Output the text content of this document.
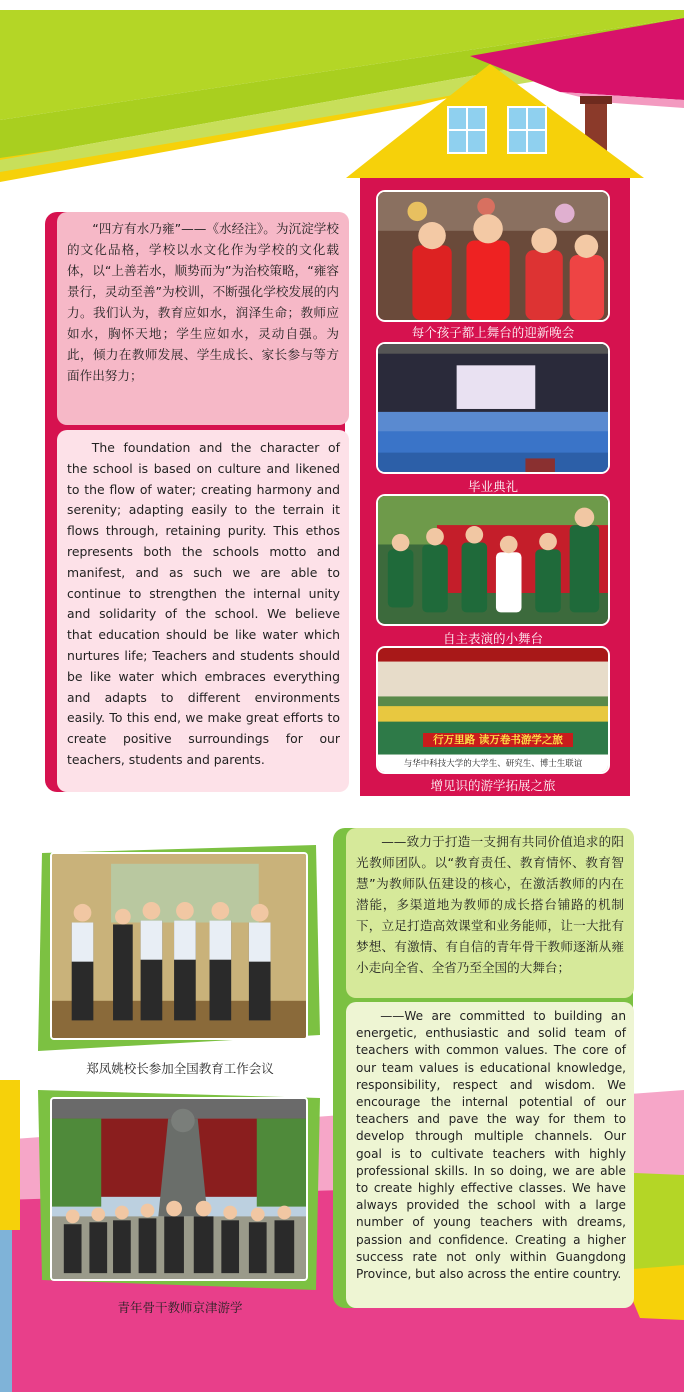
每个孩子都上舞台的迎新晚会
毕业典礼
自主表演的小舞台
行万里路 读万卷书游学之旅
与华中科技大学的大学生、研究生、博士生联谊
增见识的游学拓展之旅
“四方有水乃雍”——《水经注》。为沉淀学校的文化品格，学校以水文化作为学校的文化载体，以“上善若水，顺势而为”为治校策略，“雍容景行，灵动至善”为校训，不断强化学校发展的内力。我们认为，教育应如水，润泽生命；教师应如水，胸怀天地；学生应如水，灵动自强。为此，倾力在教师发展、学生成长、家长参与等方面作出努力；
The foundation and the character of the school is based on culture and likened to the flow of water; creating harmony and serenity; adapting easily to the terrain it flows through, retaining purity. This ethos represents both the schools motto and manifest, and as such we are able to continue to strengthen the internal unity and solidarity of the school. We believe that education should be like water which nurtures life; Teachers and students should be like water which embraces everything and adapts to different environments easily. To this end, we make great efforts to create positive surroundings for our teachers, students and parents.
郑凤姚校长参加全国教育工作会议
青年骨干教师京津游学
——致力于打造一支拥有共同价值追求的阳光教师团队。以“教育责任、教育情怀、教育智慧”为教师队伍建设的核心，在激活教师的内在潜能，多渠道地为教师的成长搭台铺路的机制下，立足打造高效课堂和业务能师，让一大批有梦想、有激情、有自信的青年骨干教师逐渐从雍小走向全省、全省乃至全国的大舞台；
——We are committed to building an energetic, enthusiastic and solid team of teachers with common values. The core of our team values is educational knowledge, responsibility, respect and wisdom. We encourage the internal potential of our teachers and pave the way for them to develop through multiple channels. Our goal is to cultivate teachers with highly professional skills. In so doing, we are able to create highly effective classes. We have always provided the school with a large number of young teachers with dreams, passion and confidence. Creating a higher success rate not only within Guangdong Province, but also across the entire country.
